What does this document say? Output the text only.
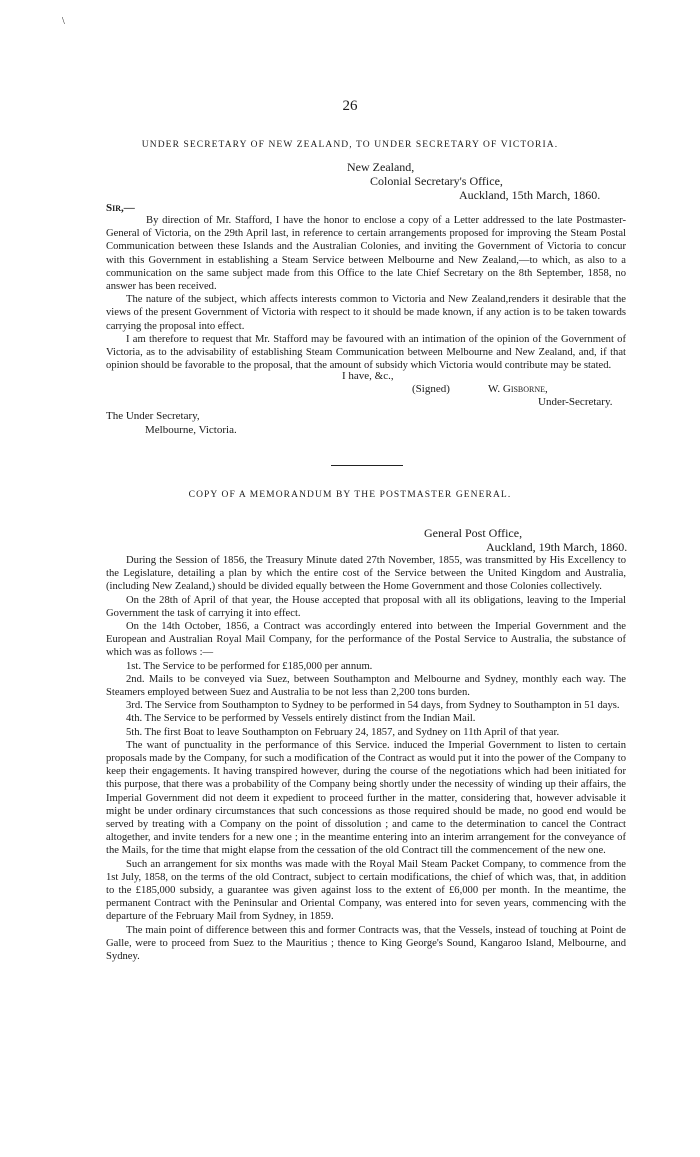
\
26
UNDER SECRETARY OF NEW ZEALAND, TO UNDER SECRETARY OF VICTORIA.
New Zealand,
Colonial Secretary's Office,
Auckland, 15th March, 1860.
Sir,—

By direction of Mr. Stafford, I have the honor to enclose a copy of a Letter addressed to the late Postmaster-General of Victoria, on the 29th April last, in reference to certain arrangements proposed for improving the Steam Postal Communication between these Islands and the Australian Colonies, and inviting the Government of Victoria to concur with this Government in establishing a Steam Service between Melbourne and New Zealand,—to which, as also to a communication on the same subject made from this Office to the late Chief Secretary on the 8th September, 1858, no answer has been received.

The nature of the subject, which affects interests common to Victoria and New Zealand,renders it desirable that the views of the present Government of Victoria with respect to it should be made known, if any action is to be taken towards carrying the proposal into effect.

I am therefore to request that Mr. Stafford may be favoured with an intimation of the opinion of the Government of Victoria, as to the advisability of establishing Steam Communication between Melbourne and New Zealand, and, if that opinion should be favorable to the proposal, that the amount of subsidy which Victoria would contribute may be stated.

I have, &c.,
(Signed)	W. Gisborne,
Under-Secretary.
The Under Secretary,
Melbourne, Victoria.
COPY OF A MEMORANDUM BY THE POSTMASTER GENERAL.
General Post Office,
Auckland, 19th March, 1860.

During the Session of 1856, the Treasury Minute dated 27th November, 1855, was transmitted by His Excellency to the Legislature, detailing a plan by which the entire cost of the Service between the United Kingdom and Australia, (including New Zealand,) should be divided equally between the Home Government and those Colonies collectively.

On the 28th of April of that year, the House accepted that proposal with all its obligations, leaving to the Imperial Government the task of carrying it into effect.

On the 14th October, 1856, a Contract was accordingly entered into between the Imperial Government and the European and Australian Royal Mail Company, for the performance of the Postal Service to Australia, the substance of which was as follows :—

1st. The Service to be performed for £185,000 per annum.

2nd. Mails to be conveyed via Suez, between Southampton and Melbourne and Sydney, monthly each way. The Steamers employed between Suez and Australia to be not less than 2,200 tons burden.

3rd. The Service from Southampton to Sydney to be performed in 54 days, from Sydney to Southampton in 51 days.

4th. The Service to be performed by Vessels entirely distinct from the Indian Mail.

5th. The first Boat to leave Southampton on February 24, 1857, and Sydney on 11th April of that year.

The want of punctuality in the performance of this Service. induced the Imperial Government to listen to certain proposals made by the Company, for such a modification of the Contract as would put it into the power of the Company to keep their engagements. It having transpired however, during the course of the negotiations which had been initiated for this purpose, that there was a probability of the Company being shortly under the necessity of winding up their affairs, the Imperial Government did not deem it expedient to proceed further in the matter, considering that, however advisable it might be under ordinary circumstances that such concessions as those required should be made, no good end would be served by treating with a Company on the point of dissolution ; and came to the determination to cancel the Contract altogether, and invite tenders for a new one ; in the meantime entering into an interim arrangement for the conveyance of the Mails, for the time that might elapse from the cessation of the old Contract till the commencement of the new one.

Such an arrangement for six months was made with the Royal Mail Steam Packet Company, to commence from the 1st July, 1858, on the terms of the old Contract, subject to certain modifications, the chief of which was, that, in addition to the £185,000 subsidy, a guarantee was given against loss to the extent of £6,000 per month. In the meantime, the permanent Contract with the Peninsular and Oriental Company, was entered into for seven years, commencing with the departure of the February Mail from Sydney, in 1859.

The main point of difference between this and former Contracts was, that the Vessels, instead of touching at Point de Galle, were to proceed from Suez to the Mauritius ; thence to King George's Sound, Kangaroo Island, Melbourne, and Sydney.
